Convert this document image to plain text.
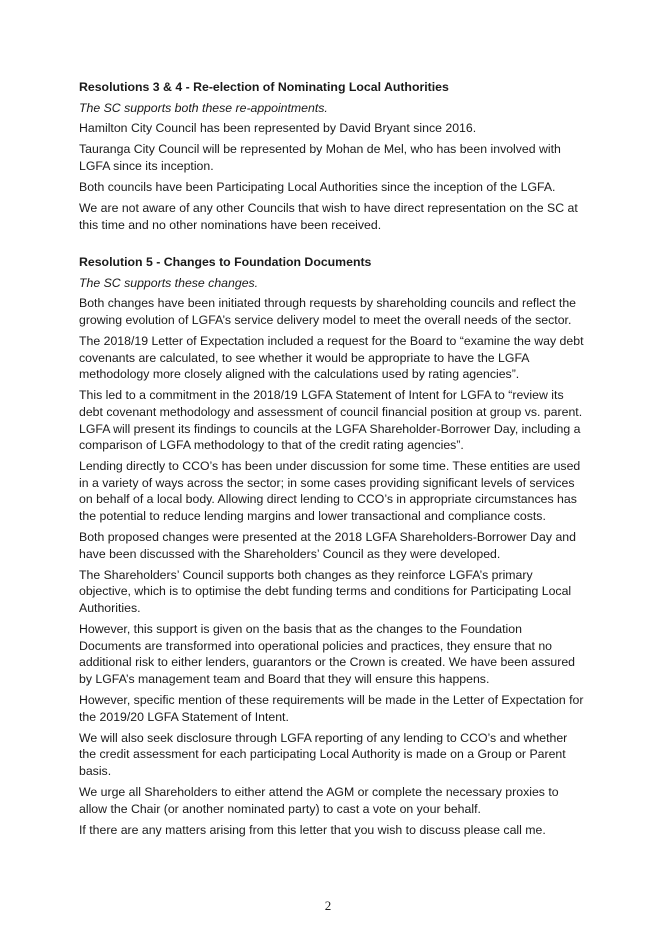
Resolutions 3 & 4 - Re-election of Nominating Local Authorities

The SC supports both these re-appointments.

Hamilton City Council has been represented by David Bryant since 2016.

Tauranga City Council will be represented by Mohan de Mel, who has been involved with LGFA since its inception.

Both councils have been Participating Local Authorities since the inception of the LGFA.

We are not aware of any other Councils that wish to have direct representation on the SC at this time and no other nominations have been received.

Resolution 5 - Changes to Foundation Documents

The SC supports these changes.

Both changes have been initiated through requests by shareholding councils and reflect the growing evolution of LGFA’s service delivery model to meet the overall needs of the sector.

The 2018/19 Letter of Expectation included a request for the Board to “examine the way debt covenants are calculated, to see whether it would be appropriate to have the LGFA methodology more closely aligned with the calculations used by rating agencies”.

This led to a commitment in the 2018/19 LGFA Statement of Intent for LGFA to “review its debt covenant methodology and assessment of council financial position at group vs. parent. LGFA will present its findings to councils at the LGFA Shareholder-Borrower Day, including a comparison of LGFA methodology to that of the credit rating agencies”.

Lending directly to CCO’s has been under discussion for some time. These entities are used in a variety of ways across the sector; in some cases providing significant levels of services on behalf of a local body. Allowing direct lending to CCO’s in appropriate circumstances has the potential to reduce lending margins and lower transactional and compliance costs.

Both proposed changes were presented at the 2018 LGFA Shareholders-Borrower Day and have been discussed with the Shareholders’ Council as they were developed.

The Shareholders’ Council supports both changes as they reinforce LGFA’s primary objective, which is to optimise the debt funding terms and conditions for Participating Local Authorities.

However, this support is given on the basis that as the changes to the Foundation Documents are transformed into operational policies and practices, they ensure that no additional risk to either lenders, guarantors or the Crown is created. We have been assured by LGFA’s management team and Board that they will ensure this happens.

However, specific mention of these requirements will be made in the Letter of Expectation for the 2019/20 LGFA Statement of Intent.

We will also seek disclosure through LGFA reporting of any lending to CCO’s and whether the credit assessment for each participating Local Authority is made on a Group or Parent basis.

We urge all Shareholders to either attend the AGM or complete the necessary proxies to allow the Chair (or another nominated party) to cast a vote on your behalf.

If there are any matters arising from this letter that you wish to discuss please call me.

2
